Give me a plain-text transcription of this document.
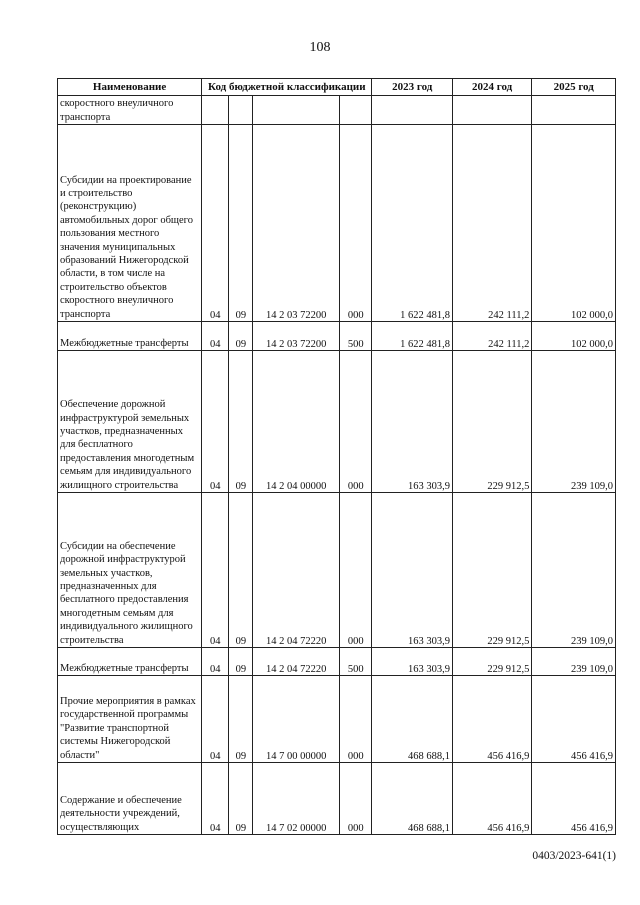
108
Наименование	Код бюджетной классификации				2023 год	2024 год	2025 год
скоростного внеуличного транспорта							
Субсидии на проектирование и строительство (реконструкцию) автомобильных дорог общего пользования местного значения муниципальных образований Нижегородской области, в том числе на строительство объектов скоростного внеуличного транспорта	04	09	14 2 03 72200	000	1 622 481,8	242 111,2	102 000,0
Межбюджетные трансферты	04	09	14 2 03 72200	500	1 622 481,8	242 111,2	102 000,0
Обеспечение дорожной инфраструктурой земельных участков, предназначенных для бесплатного предоставления многодетным семьям для индивидуального жилищного строительства	04	09	14 2 04 00000	000	163 303,9	229 912,5	239 109,0
Субсидии на обеспечение дорожной инфраструктурой земельных участков, предназначенных для бесплатного предоставления многодетным семьям для индивидуального жилищного строительства	04	09	14 2 04 72220	000	163 303,9	229 912,5	239 109,0
Межбюджетные трансферты	04	09	14 2 04 72220	500	163 303,9	229 912,5	239 109,0
Прочие мероприятия в рамках государственной программы "Развитие транспортной системы Нижегородской области"	04	09	14 7 00 00000	000	468 688,1	456 416,9	456 416,9
Содержание и обеспечение деятельности учреждений, осуществляющих	04	09	14 7 02 00000	000	468 688,1	456 416,9	456 416,9
0403/2023-641(1)
